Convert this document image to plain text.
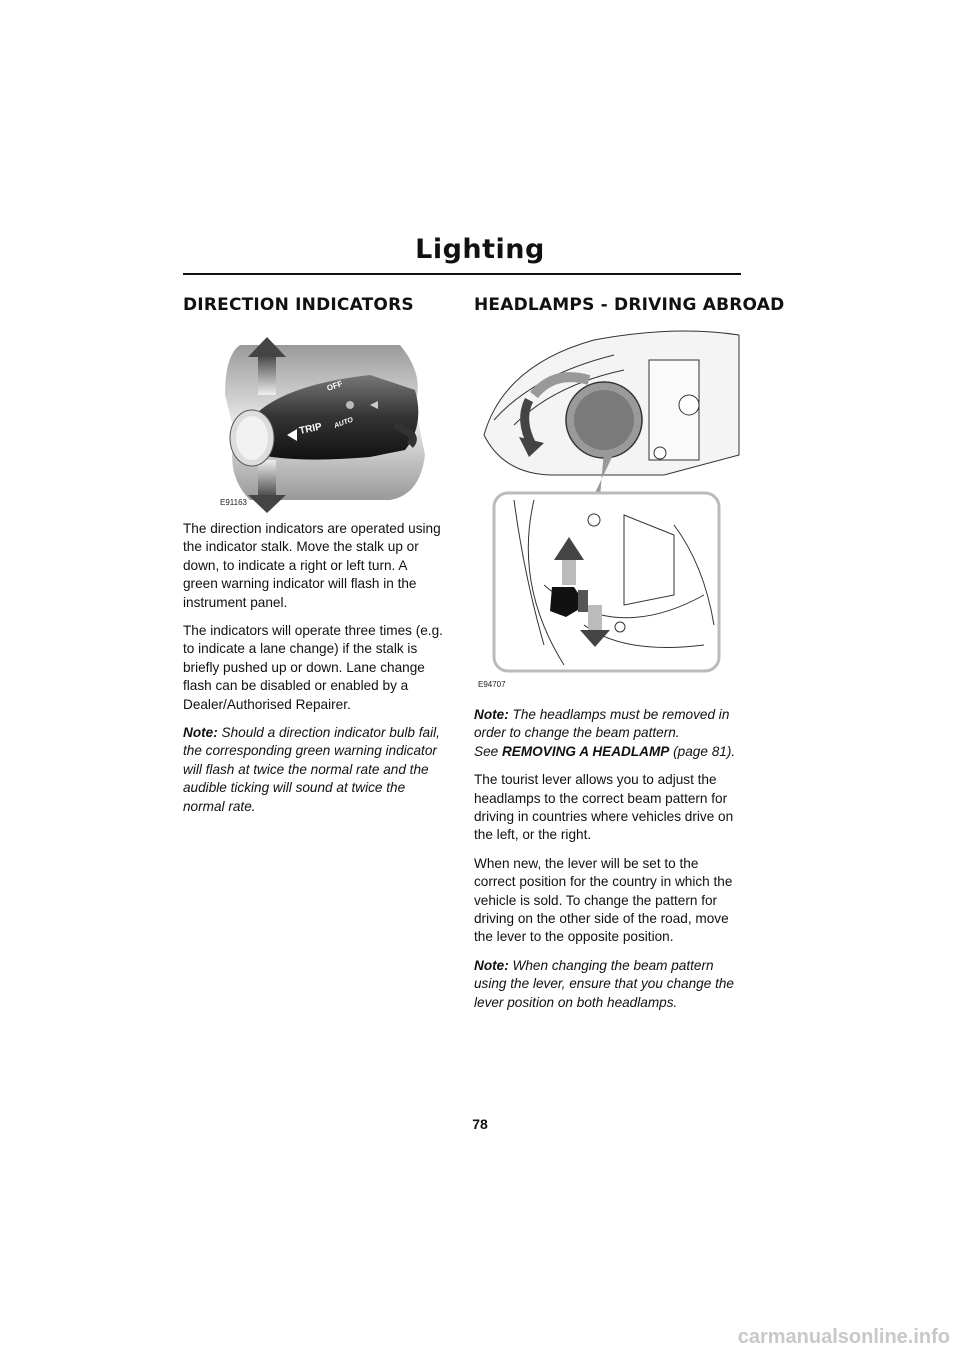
Lighting
DIRECTION INDICATORS
TRIP
OFF
AUTO
E91163

The direction indicators are operated using the indicator stalk. Move the stalk up or down, to indicate a right or left turn. A green warning indicator will flash in the instrument panel.

The indicators will operate three times (e.g. to indicate a lane change) if the stalk is briefly pushed up or down. Lane change flash can be disabled or enabled by a Dealer/Authorised Repairer.

Note: Should a direction indicator bulb fail, the corresponding green warning indicator will flash at twice the normal rate and the audible ticking will sound at twice the normal rate.

HEADLAMPS - DRIVING ABROAD
E94707

Note: The headlamps must be removed in order to change the beam pattern.
See REMOVING A HEADLAMP (page 81).

The tourist lever allows you to adjust the headlamps to the correct beam pattern for driving in countries where vehicles drive on the left, or the right.

When new, the lever will be set to the correct position for the country in which the vehicle is sold. To change the pattern for driving on the other side of the road, move the lever to the opposite position.

Note: When changing the beam pattern using the lever, ensure that you change the lever position on both headlamps.

78
carmanualsonline.info
